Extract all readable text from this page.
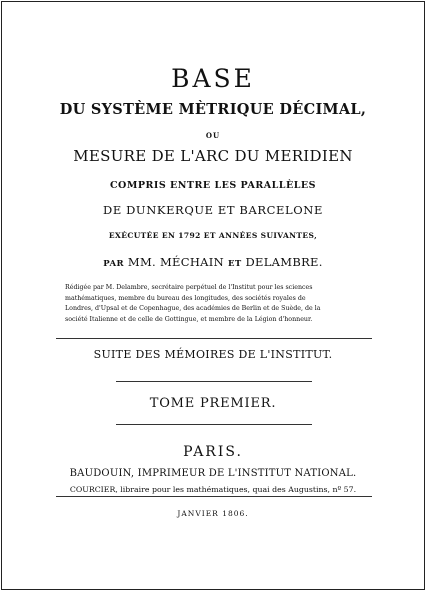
BASE
DU SYSTÈME MÈTRIQUE DÉCIMAL,
OU
MESURE DE L'ARC DU MERIDIEN
COMPRIS ENTRE LES PARALLÈLES
DE DUNKERQUE ET BARCELONE
EXÉCUTÉE EN 1792 ET ANNÉES SUIVANTES,
PAR MM. MÉCHAIN ET DELAMBRE.
Rédigée par M. Delambre, secrétaire perpétuel de l'Institut pour les sciences
mathématiques, membre du bureau des longitudes, des sociétés royales de
Londres, d'Upsal et de Copenhague, des académies de Berlin et de Suède, de la
société Italienne et de celle de Gottingue, et membre de la Légion d'honneur.
SUITE DES MÉMOIRES DE L'INSTITUT.
TOME PREMIER.
PARIS.
BAUDOUIN, IMPRIMEUR DE L'INSTITUT NATIONAL.
COURCIER, libraire pour les mathématiques, quai des Augustins, nº 57.
JANVIER 1806.
